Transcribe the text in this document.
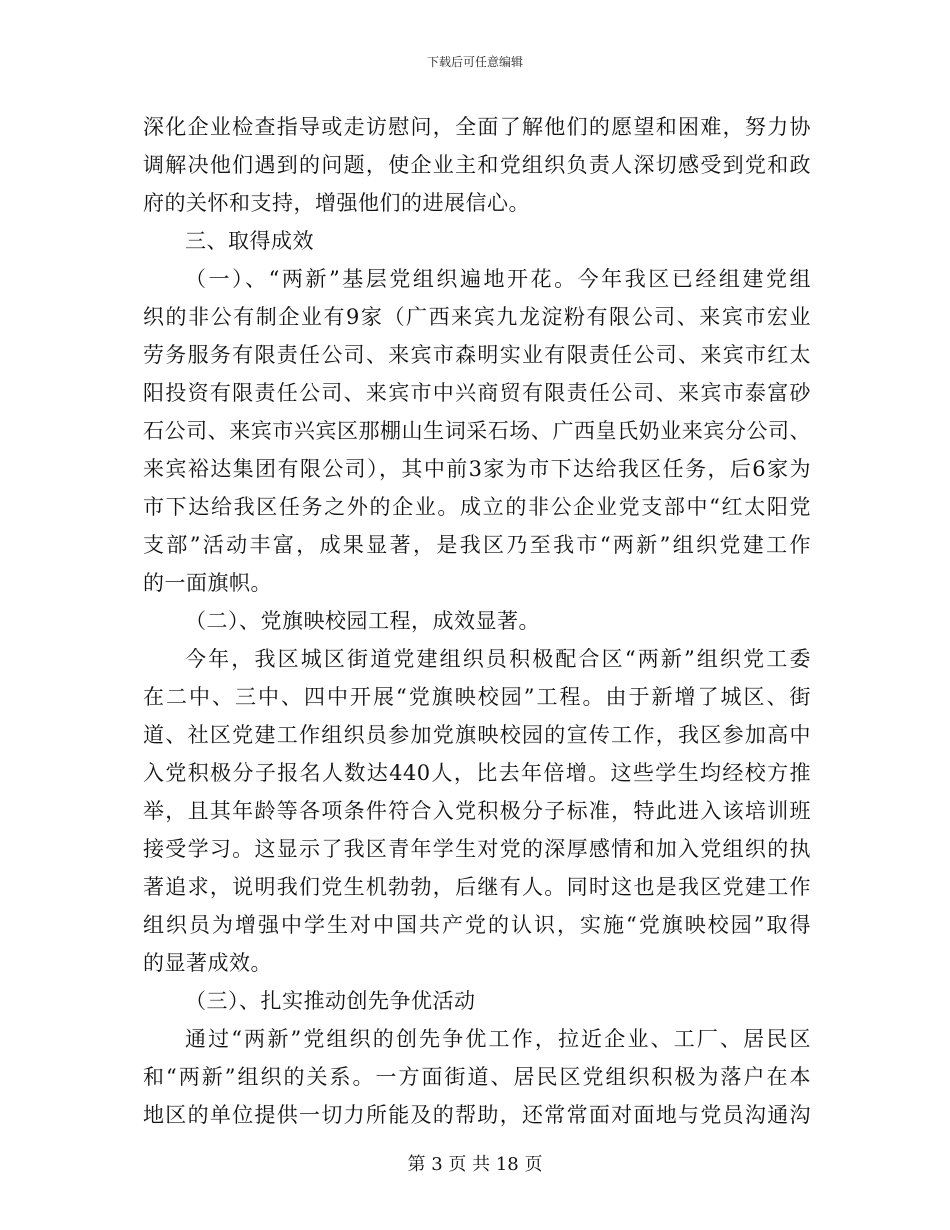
下载后可任意编辑
深化企业检查指导或走访慰问，全面了解他们的愿望和困难，努力协
调解决他们遇到的问题，使企业主和党组织负责人深切感受到党和政
府的关怀和支持，增强他们的进展信心。
三、取得成效
（一）、“两新”基层党组织遍地开花。今年我区已经组建党组
织的非公有制企业有9家（广西来宾九龙淀粉有限公司、来宾市宏业
劳务服务有限责任公司、来宾市森明实业有限责任公司、来宾市红太
阳投资有限责任公司、来宾市中兴商贸有限责任公司、来宾市泰富砂
石公司、来宾市兴宾区那棚山生词采石场、广西皇氏奶业来宾分公司、
来宾裕达集团有限公司），其中前3家为市下达给我区任务，后6家为
市下达给我区任务之外的企业。成立的非公企业党支部中“红太阳党
支部”活动丰富，成果显著，是我区乃至我市“两新”组织党建工作
的一面旗帜。
（二）、党旗映校园工程，成效显著。
今年，我区城区街道党建组织员积极配合区“两新”组织党工委
在二中、三中、四中开展“党旗映校园”工程。由于新增了城区、街
道、社区党建工作组织员参加党旗映校园的宣传工作，我区参加高中
入党积极分子报名人数达440人，比去年倍增。这些学生均经校方推
举，且其年龄等各项条件符合入党积极分子标准，特此进入该培训班
接受学习。这显示了我区青年学生对党的深厚感情和加入党组织的执
著追求，说明我们党生机勃勃，后继有人。同时这也是我区党建工作
组织员为增强中学生对中国共产党的认识，实施“党旗映校园”取得
的显著成效。
（三）、扎实推动创先争优活动
通过“两新”党组织的创先争优工作，拉近企业、工厂、居民区
和“两新”组织的关系。一方面街道、居民区党组织积极为落户在本
地区的单位提供一切力所能及的帮助，还常常面对面地与党员沟通沟
第 3 页 共 18 页
